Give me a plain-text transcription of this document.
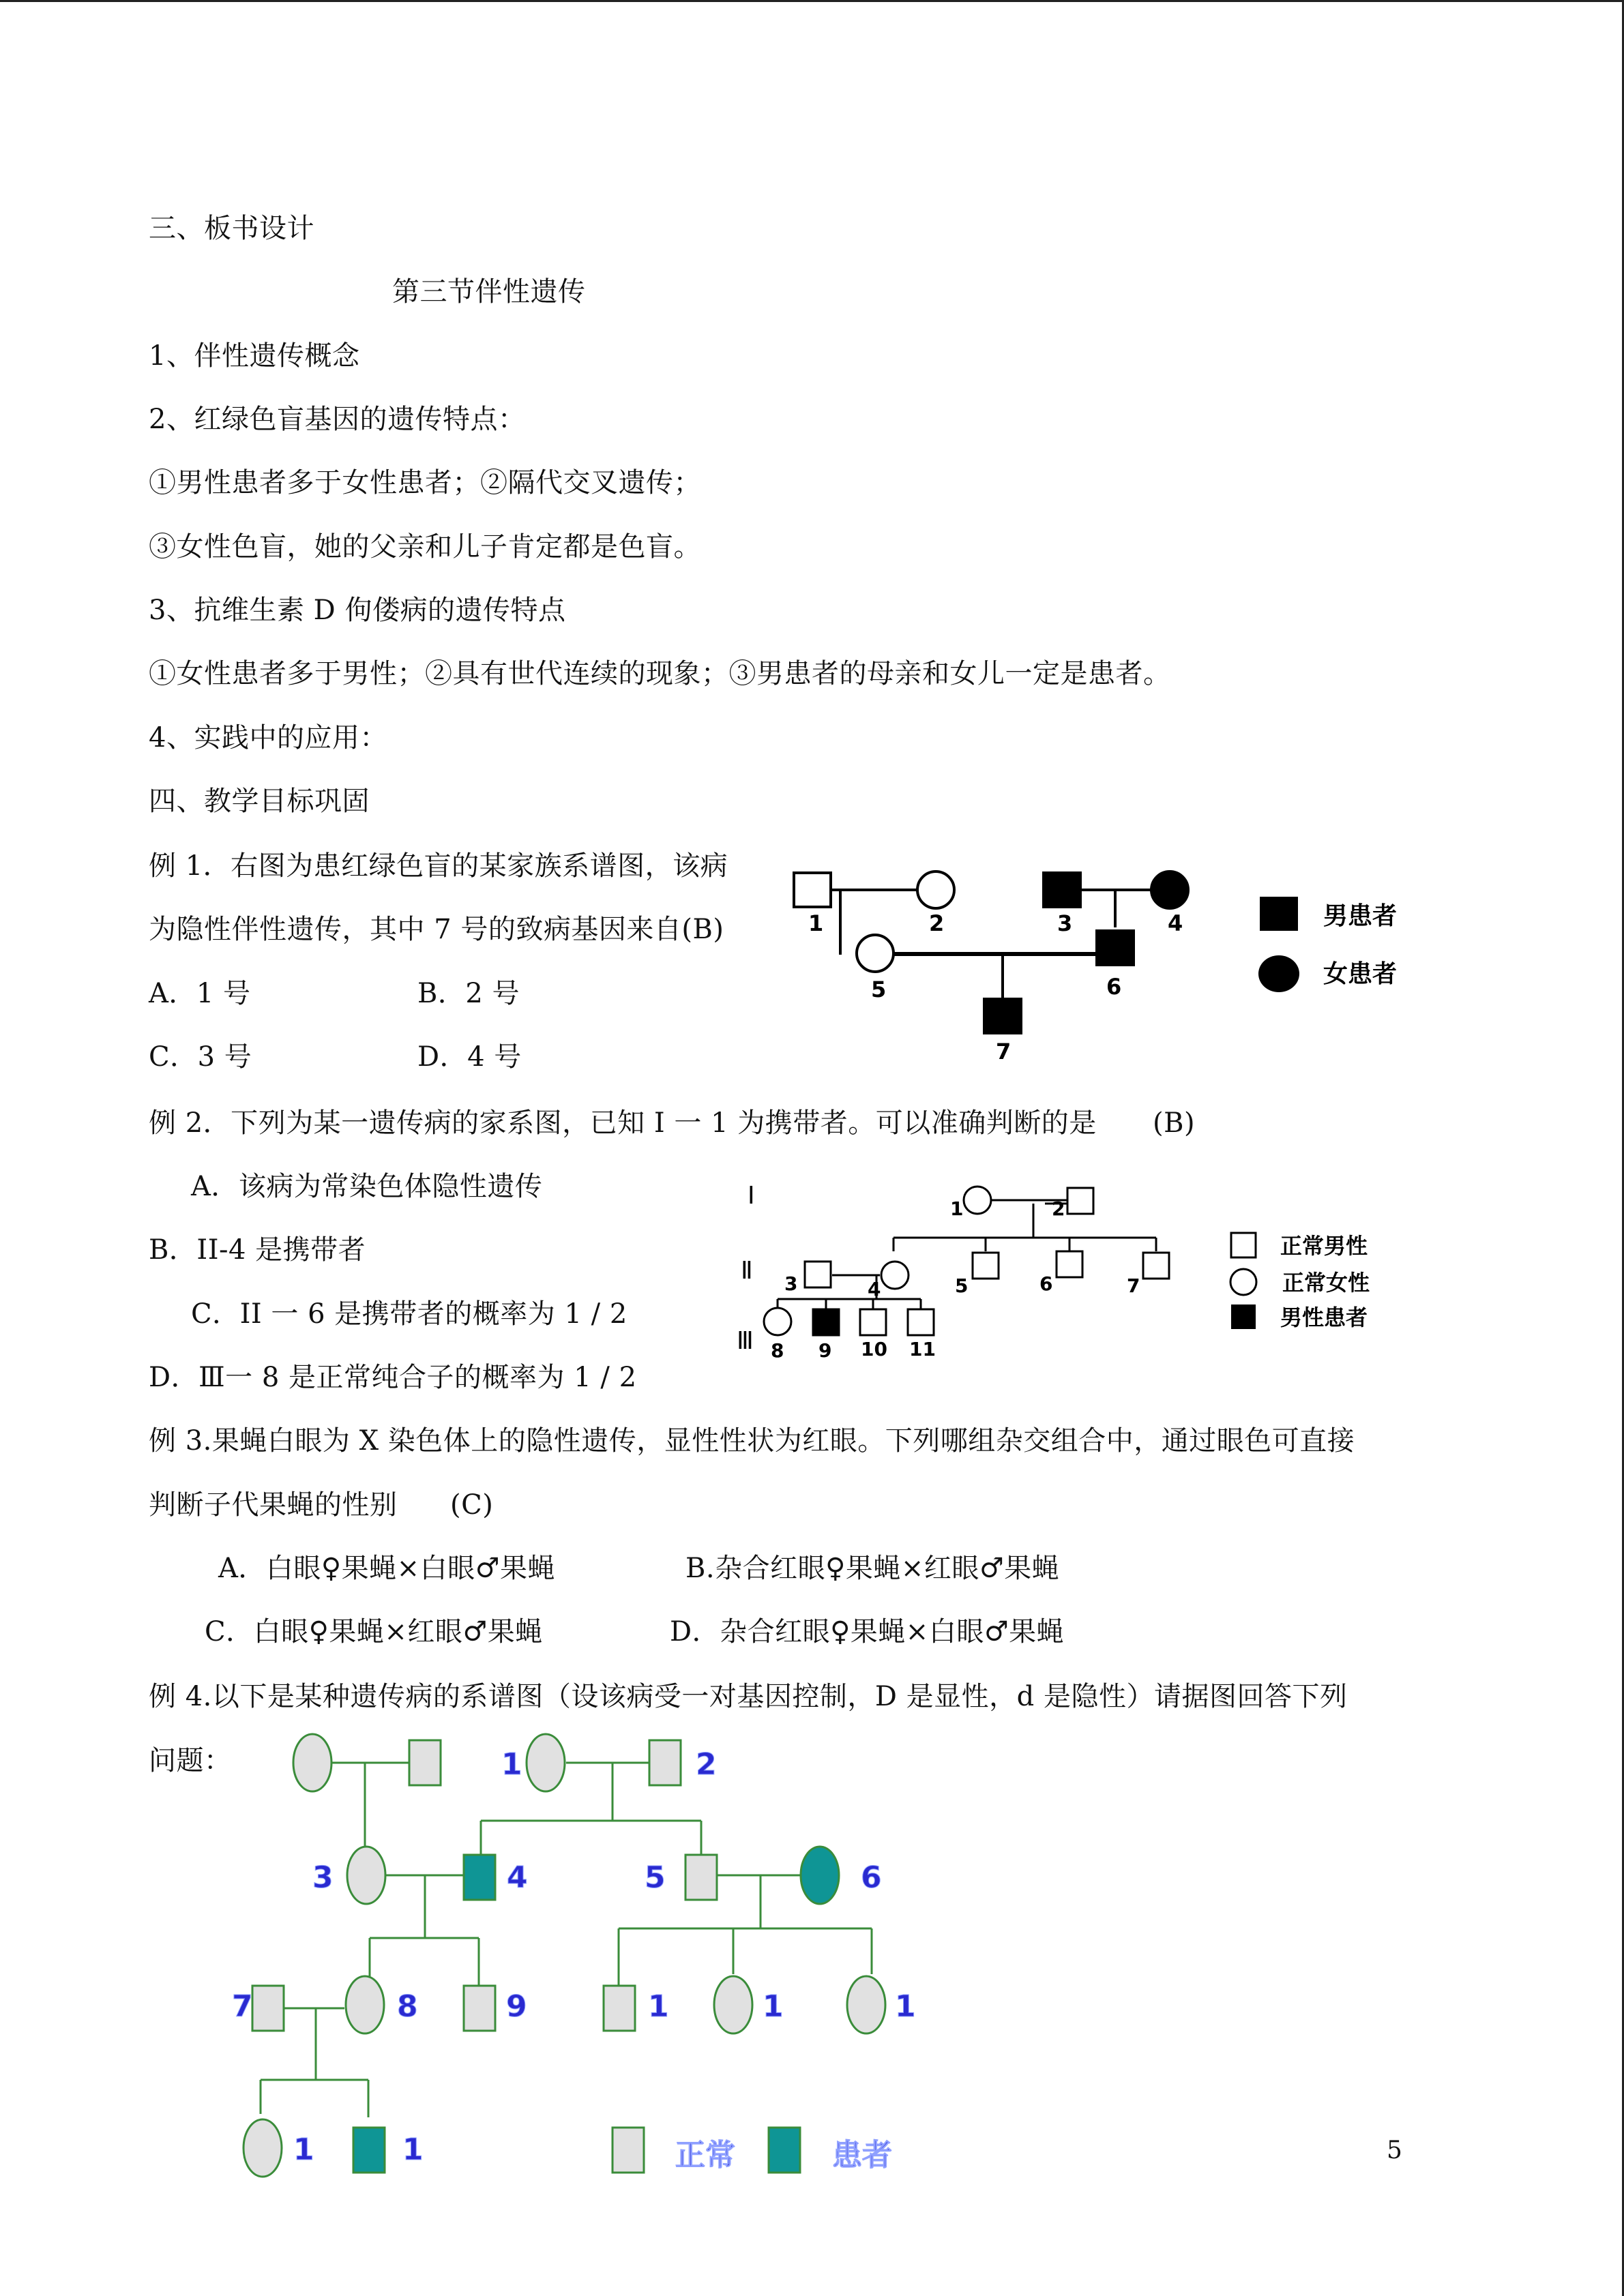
三、板书设计
第三节伴性遗传
1、伴性遗传概念
2、红绿色盲基因的遗传特点：
①男性患者多于女性患者；②隔代交叉遗传；
③女性色盲，她的父亲和儿子肯定都是色盲。
3、抗维生素 D 佝偻病的遗传特点
①女性患者多于男性；②具有世代连续的现象；③男患者的母亲和女儿一定是患者。
4、实践中的应用：
四、教学目标巩固
例 1．右图为患红绿色盲的某家族系谱图，该病
为隐性伴性遗传，其中 7 号的致病基因来自(B)
A．1 号	B．2 号
C．3 号	D．4 号
1	2	3	4
5	6
7
男患者
女患者
例 2．下列为某一遗传病的家系图，已知 I 一 1 为携带者。可以准确判断的是 (B)
A．该病为常染色体隐性遗传
B．II-4 是携带者
C．II 一 6 是携带者的概率为 1 / 2
D．Ⅲ一 8 是正常纯合子的概率为 1 / 2
I
Ⅱ
Ⅲ
1	2
3	4	5	6	7
8 9 10 11
正常男性
正常女性
男性患者
例 3.果蝇白眼为 X 染色体上的隐性遗传，显性性状为红眼。下列哪组杂交组合中，通过眼色可直接
判断子代果蝇的性别 (C)
A．白眼♀果蝇×白眼♂果蝇	B.杂合红眼♀果蝇×红眼♂果蝇
C．白眼♀果蝇×红眼♂果蝇	D．杂合红眼♀果蝇×白眼♂果蝇
例 4.以下是某种遗传病的系谱图（设该病受一对基因控制，D 是显性，d 是隐性）请据图回答下列
问题：	1	2
3	4	5	6
7	8	9	1	1	1
1	1	正常	患者	5
